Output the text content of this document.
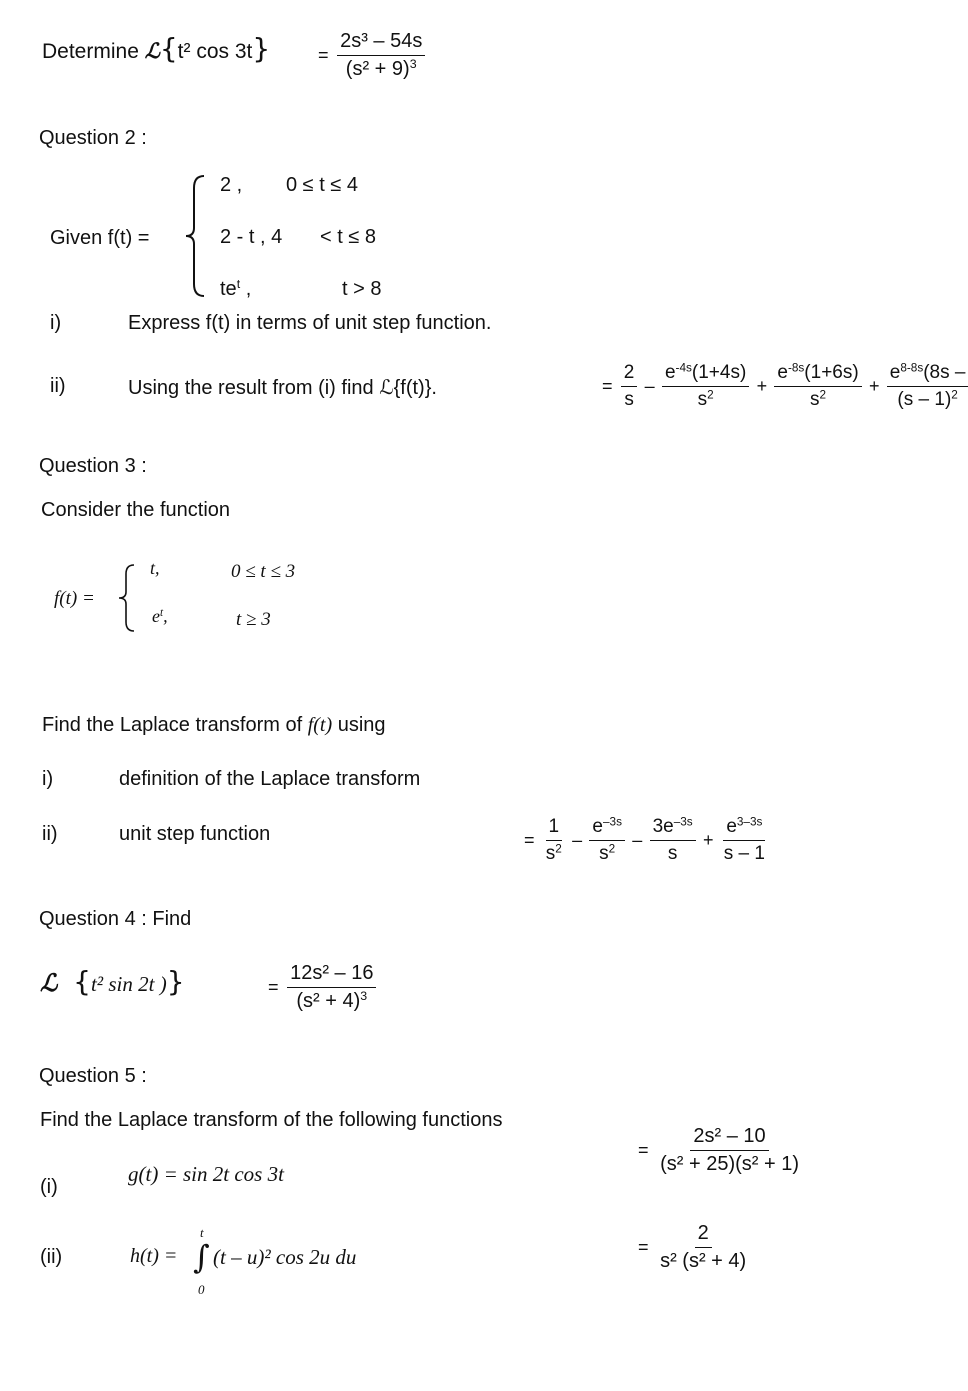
Determine ℒ{t² cos 3t}	= $\frac{\text{2s³ – 54s}}{(s^2 + 9)^3}$
Question 2 :
Given f(t) =
2 , 0 ≤ t ≤ 4
2 - t , 4 < t ≤ 8
$te^t$ ,	t > 8
i)	Express f(t) in terms of unit step function.
ii)	Using the result from (i) find ℒ{f(t)}.	= $\frac{2}{s} - \frac{e^{-4s}(1+4s)}{s^2} + \frac{e^{-8s}(1+6s)}{s^2} + \frac{e^{8-8s}(8s -}{(s - 1)^2}$
Question 3 :
Consider the function
f(t) =
t,	0 ≤ t ≤ 3
$e^t$,	t ≥ 3
Find the Laplace transform of f(t) using
i)	definition of the Laplace transform
ii)	unit step function	= $\frac{1}{s^2} - \frac{e^{-3s}}{s^2} - \frac{3e^{-3s}}{s} + \frac{e^{3-3s}}{s - 1}$
Question 4 : Find
ℒ {t² sin 2t )}	= $\frac{\text{12s² – 16}}{(s^2 + 4)^3}$
Question 5 :
Find the Laplace transform of the following functions
(i)
g(t) = sin 2t cos 3t
(ii)	h(t) =
t
∫
0
(t – u)² cos 2u du
= $\frac{\text{2s² – 10}}{\text{(s² + 25)(s² + 1)}}$
= $\frac{2}{\text{s² (s² + 4)}}$
